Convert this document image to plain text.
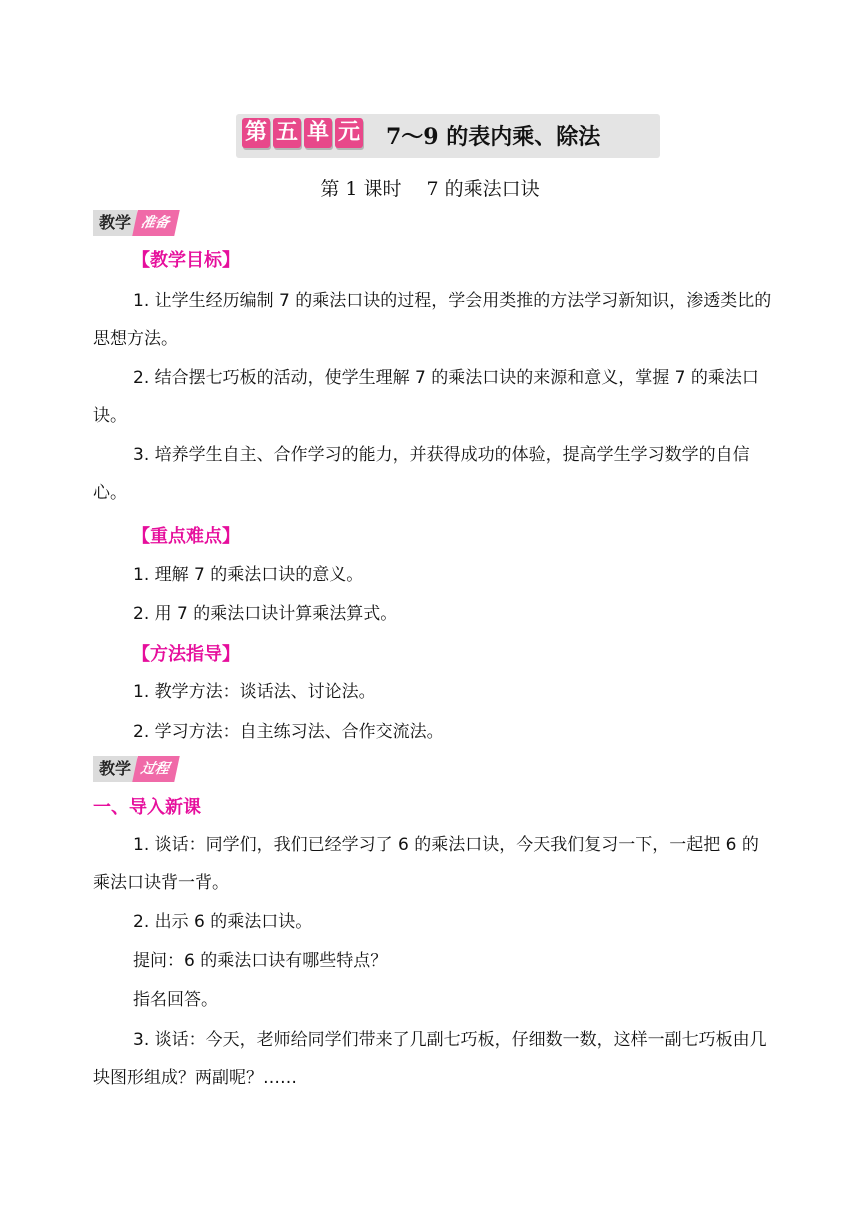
第 五 单 元 7～9 的表内乘、除法
第 1 课时　 7 的乘法口诀
教学 准备
【教学目标】
1. 让学生经历编制 7 的乘法口诀的过程，学会用类推的方法学习新知识，渗透类比的思想方法。
2. 结合摆七巧板的活动，使学生理解 7 的乘法口诀的来源和意义，掌握 7 的乘法口诀。
3. 培养学生自主、合作学习的能力，并获得成功的体验，提高学生学习数学的自信心。
【重点难点】
1. 理解 7 的乘法口诀的意义。
2. 用 7 的乘法口诀计算乘法算式。
【方法指导】
1. 教学方法：谈话法、讨论法。
2. 学习方法：自主练习法、合作交流法。
教学 过程
一、导入新课
1. 谈话：同学们，我们已经学习了 6 的乘法口诀，今天我们复习一下，一起把 6 的乘法口诀背一背。
2. 出示 6 的乘法口诀。
提问：6 的乘法口诀有哪些特点？
指名回答。
3. 谈话：今天，老师给同学们带来了几副七巧板，仔细数一数，这样一副七巧板由几块图形组成？两副呢？……
